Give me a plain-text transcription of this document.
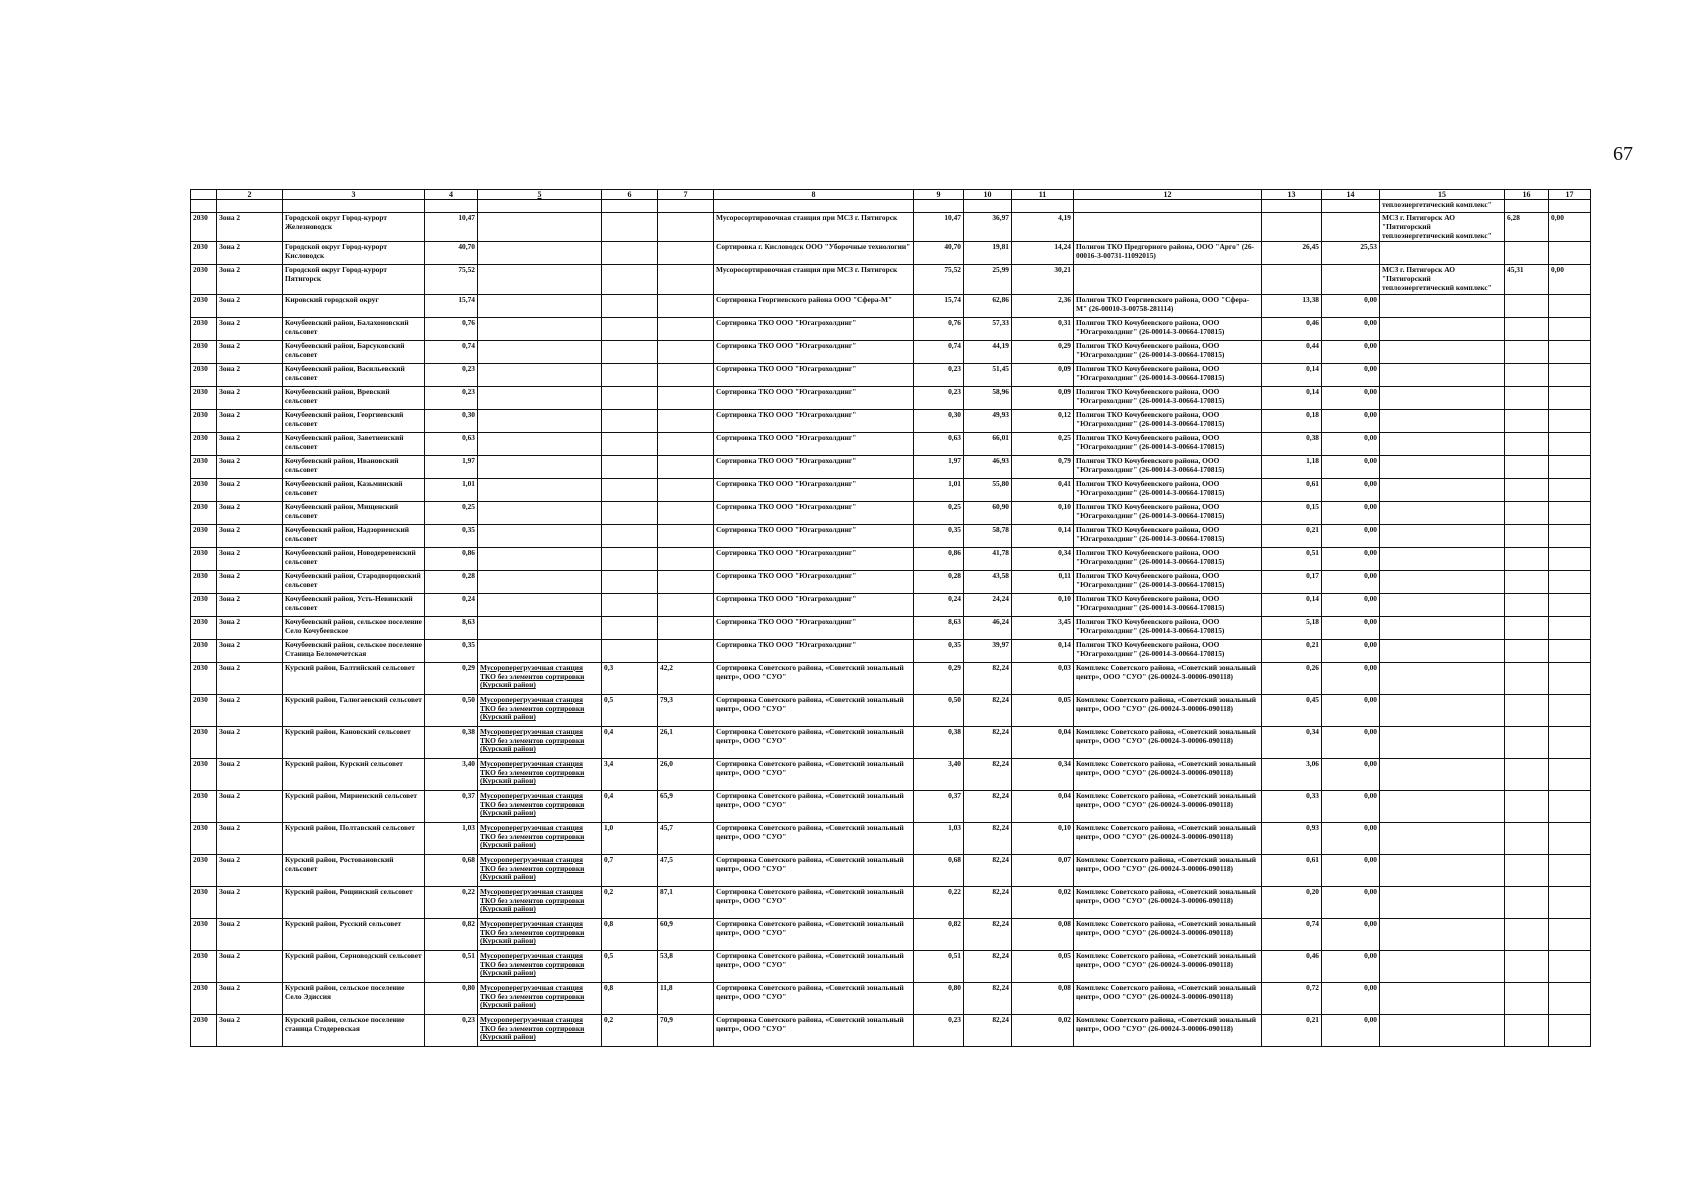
67
	2	3	4	5	6	7	8	9	10	11	12	13	14	15	16	17
														теплоэнергетический комплекс"		
2030	Зона 2	Городской округ Город-курорт Железноводск	10,47				Мусоросортировочная станция при МСЗ г. Пятигорск	10,47	36,97	4,19				МСЗ г. Пятигорск АО "Пятигорский теплоэнергетический комплекс"	6,28	0,00
2030	Зона 2	Городской округ Город-курорт Кисловодск	40,70				Сортировка г. Кисловодск ООО "Уборочные технологии"	40,70	19,81	14,24	Полигон ТКО Предгорного района, ООО "Арго" (26-00016-З-00731-11092015)	26,45	25,53			
2030	Зона 2	Городской округ Город-курорт Пятигорск	75,52				Мусоросортировочная станция при МСЗ г. Пятигорск	75,52	25,99	30,21				МСЗ г. Пятигорск АО "Пятигорский теплоэнергетический комплекс"	45,31	0,00
2030	Зона 2	Кировский городской округ	15,74				Сортировка Георгиевского района ООО "Сфера-М"	15,74	62,86	2,36	Полигон ТКО Георгиевского района, ООО "Сфера-М" (26-00010-З-00758-281114)	13,38	0,00			
2030	Зона 2	Кочубеевский район, Балахоновский сельсовет	0,76				Сортировка ТКО ООО "Югагрохолдинг"	0,76	57,33	0,31	Полигон ТКО Кочубеевского района, ООО "Югагрохолдинг" (26-00014-З-00664-170815)	0,46	0,00			
2030	Зона 2	Кочубеевский район, Барсуковский сельсовет	0,74				Сортировка ТКО ООО "Югагрохолдинг"	0,74	44,19	0,29	Полигон ТКО Кочубеевского района, ООО "Югагрохолдинг" (26-00014-З-00664-170815)	0,44	0,00			
2030	Зона 2	Кочубеевский район, Васильевский сельсовет	0,23				Сортировка ТКО ООО "Югагрохолдинг"	0,23	51,45	0,09	Полигон ТКО Кочубеевского района, ООО "Югагрохолдинг" (26-00014-З-00664-170815)	0,14	0,00			
2030	Зона 2	Кочубеевский район, Вревский сельсовет	0,23				Сортировка ТКО ООО "Югагрохолдинг"	0,23	58,96	0,09	Полигон ТКО Кочубеевского района, ООО "Югагрохолдинг" (26-00014-З-00664-170815)	0,14	0,00			
2030	Зона 2	Кочубеевский район, Георгиевский сельсовет	0,30				Сортировка ТКО ООО "Югагрохолдинг"	0,30	49,93	0,12	Полигон ТКО Кочубеевского района, ООО "Югагрохолдинг" (26-00014-З-00664-170815)	0,18	0,00			
2030	Зона 2	Кочубеевский район, Заветненский сельсовет	0,63				Сортировка ТКО ООО "Югагрохолдинг"	0,63	66,01	0,25	Полигон ТКО Кочубеевского района, ООО "Югагрохолдинг" (26-00014-З-00664-170815)	0,38	0,00			
2030	Зона 2	Кочубеевский район, Ивановский сельсовет	1,97				Сортировка ТКО ООО "Югагрохолдинг"	1,97	46,93	0,79	Полигон ТКО Кочубеевского района, ООО "Югагрохолдинг" (26-00014-З-00664-170815)	1,18	0,00			
2030	Зона 2	Кочубеевский район, Казьминский сельсовет	1,01				Сортировка ТКО ООО "Югагрохолдинг"	1,01	55,80	0,41	Полигон ТКО Кочубеевского района, ООО "Югагрохолдинг" (26-00014-З-00664-170815)	0,61	0,00			
2030	Зона 2	Кочубеевский район, Мищенский сельсовет	0,25				Сортировка ТКО ООО "Югагрохолдинг"	0,25	60,90	0,10	Полигон ТКО Кочубеевского района, ООО "Югагрохолдинг" (26-00014-З-00664-170815)	0,15	0,00			
2030	Зона 2	Кочубеевский район, Надзорненский сельсовет	0,35				Сортировка ТКО ООО "Югагрохолдинг"	0,35	58,78	0,14	Полигон ТКО Кочубеевского района, ООО "Югагрохолдинг" (26-00014-З-00664-170815)	0,21	0,00			
2030	Зона 2	Кочубеевский район, Новодеревенский сельсовет	0,86				Сортировка ТКО ООО "Югагрохолдинг"	0,86	41,78	0,34	Полигон ТКО Кочубеевского района, ООО "Югагрохолдинг" (26-00014-З-00664-170815)	0,51	0,00			
2030	Зона 2	Кочубеевский район, Стародворцовский сельсовет	0,28				Сортировка ТКО ООО "Югагрохолдинг"	0,28	43,58	0,11	Полигон ТКО Кочубеевского района, ООО "Югагрохолдинг" (26-00014-З-00664-170815)	0,17	0,00			
2030	Зона 2	Кочубеевский район, Усть-Невинский сельсовет	0,24				Сортировка ТКО ООО "Югагрохолдинг"	0,24	24,24	0,10	Полигон ТКО Кочубеевского района, ООО "Югагрохолдинг" (26-00014-З-00664-170815)	0,14	0,00			
2030	Зона 2	Кочубеевский район, сельское поселение Село Кочубеевское	8,63				Сортировка ТКО ООО "Югагрохолдинг"	8,63	46,24	3,45	Полигон ТКО Кочубеевского района, ООО "Югагрохолдинг" (26-00014-З-00664-170815)	5,18	0,00			
2030	Зона 2	Кочубеевский район, сельское поселение Станица Беломечетская	0,35				Сортировка ТКО ООО "Югагрохолдинг"	0,35	39,97	0,14	Полигон ТКО Кочубеевского района, ООО "Югагрохолдинг" (26-00014-З-00664-170815)	0,21	0,00			
2030	Зона 2	Курский район, Балтийский сельсовет	0,29	Мусороперегрузочная станция ТКО без элементов сортировки (Курский район)	0,3	42,2	Сортировка Советского района, «Советский зональный центр», ООО "СУО"	0,29	82,24	0,03	Комплекс Советского района, «Советский зональный центр», ООО "СУО" (26-00024-З-00006-090118)	0,26	0,00			
2030	Зона 2	Курский район, Галюгаевский сельсовет	0,50	Мусороперегрузочная станция ТКО без элементов сортировки (Курский район)	0,5	79,3	Сортировка Советского района, «Советский зональный центр», ООО "СУО"	0,50	82,24	0,05	Комплекс Советского района, «Советский зональный центр», ООО "СУО" (26-00024-З-00006-090118)	0,45	0,00			
2030	Зона 2	Курский район, Кановский сельсовет	0,38	Мусороперегрузочная станция ТКО без элементов сортировки (Курский район)	0,4	26,1	Сортировка Советского района, «Советский зональный центр», ООО "СУО"	0,38	82,24	0,04	Комплекс Советского района, «Советский зональный центр», ООО "СУО" (26-00024-З-00006-090118)	0,34	0,00			
2030	Зона 2	Курский район, Курский сельсовет	3,40	Мусороперегрузочная станция ТКО без элементов сортировки (Курский район)	3,4	26,0	Сортировка Советского района, «Советский зональный центр», ООО "СУО"	3,40	82,24	0,34	Комплекс Советского района, «Советский зональный центр», ООО "СУО" (26-00024-З-00006-090118)	3,06	0,00			
2030	Зона 2	Курский район, Мирненский сельсовет	0,37	Мусороперегрузочная станция ТКО без элементов сортировки (Курский район)	0,4	65,9	Сортировка Советского района, «Советский зональный центр», ООО "СУО"	0,37	82,24	0,04	Комплекс Советского района, «Советский зональный центр», ООО "СУО" (26-00024-З-00006-090118)	0,33	0,00			
2030	Зона 2	Курский район, Полтавский сельсовет	1,03	Мусороперегрузочная станция ТКО без элементов сортировки (Курский район)	1,0	45,7	Сортировка Советского района, «Советский зональный центр», ООО "СУО"	1,03	82,24	0,10	Комплекс Советского района, «Советский зональный центр», ООО "СУО" (26-00024-З-00006-090118)	0,93	0,00			
2030	Зона 2	Курский район, Ростовановский сельсовет	0,68	Мусороперегрузочная станция ТКО без элементов сортировки (Курский район)	0,7	47,5	Сортировка Советского района, «Советский зональный центр», ООО "СУО"	0,68	82,24	0,07	Комплекс Советского района, «Советский зональный центр», ООО "СУО" (26-00024-З-00006-090118)	0,61	0,00			
2030	Зона 2	Курский район, Рощинский сельсовет	0,22	Мусороперегрузочная станция ТКО без элементов сортировки (Курский район)	0,2	87,1	Сортировка Советского района, «Советский зональный центр», ООО "СУО"	0,22	82,24	0,02	Комплекс Советского района, «Советский зональный центр», ООО "СУО" (26-00024-З-00006-090118)	0,20	0,00			
2030	Зона 2	Курский район, Русский сельсовет	0,82	Мусороперегрузочная станция ТКО без элементов сортировки (Курский район)	0,8	60,9	Сортировка Советского района, «Советский зональный центр», ООО "СУО"	0,82	82,24	0,08	Комплекс Советского района, «Советский зональный центр», ООО "СУО" (26-00024-З-00006-090118)	0,74	0,00			
2030	Зона 2	Курский район, Серноводский сельсовет	0,51	Мусороперегрузочная станция ТКО без элементов сортировки (Курский район)	0,5	53,8	Сортировка Советского района, «Советский зональный центр», ООО "СУО"	0,51	82,24	0,05	Комплекс Советского района, «Советский зональный центр», ООО "СУО" (26-00024-З-00006-090118)	0,46	0,00			
2030	Зона 2	Курский район, сельское поселение Село Эдиссия	0,80	Мусороперегрузочная станция ТКО без элементов сортировки (Курский район)	0,8	11,8	Сортировка Советского района, «Советский зональный центр», ООО "СУО"	0,80	82,24	0,08	Комплекс Советского района, «Советский зональный центр», ООО "СУО" (26-00024-З-00006-090118)	0,72	0,00			
2030	Зона 2	Курский район, сельское поселение станица Стодеревская	0,23	Мусороперегрузочная станция ТКО без элементов сортировки (Курский район)	0,2	70,9	Сортировка Советского района, «Советский зональный центр», ООО "СУО"	0,23	82,24	0,02	Комплекс Советского района, «Советский зональный центр», ООО "СУО" (26-00024-З-00006-090118)	0,21	0,00			
